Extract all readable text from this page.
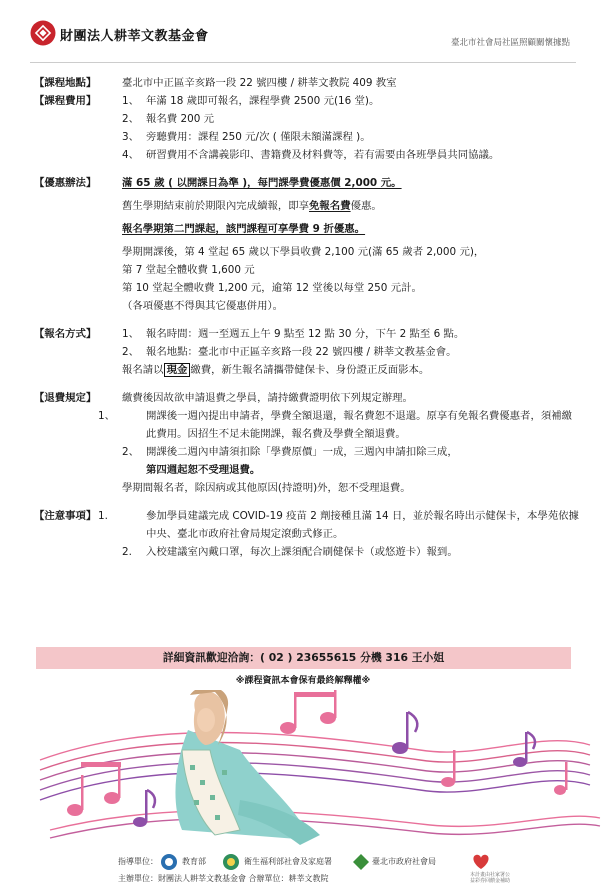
財團法人耕莘文教基金會	臺北市社會局社區照顧關懷據點
【課程地點】	臺北市中正區辛亥路一段 22 號四樓 / 耕莘文教院 409 教室
【課程費用】	1、 年滿 18 歲即可報名，課程學費 2500 元(16 堂)。
2、 報名費 200 元
3、 旁聽費用：課程 250 元/次 ( 僅限未額滿課程 )。
4、 研習費用不含講義影印、書籍費及材料費等，若有需要由各班學員共同協議。
【優惠辦法】	滿 65 歲 ( 以開課日為準 )，每門課學費優惠價 2,000 元。
舊生學期結束前於期限內完成續報，即享免報名費優惠。
報名學期第二門課起，該門課程可享學費 9 折優惠。
學期開課後，第 4 堂起 65 歲以下學員收費 2,100 元(滿 65 歲者 2,000 元)，
第 7 堂起全體收費 1,600 元
第 10 堂起全體收費 1,200 元，逾第 12 堂後以每堂 250 元計。
（各項優惠不得與其它優惠併用）。
【報名方式】	1、 報名時間：週一至週五上午 9 點至 12 點 30 分，下午 2 點至 6 點。
2、 報名地點：臺北市中正區辛亥路一段 22 號四樓 / 耕莘文教基金會。
報名請以 現金 繳費，新生報名請攜帶健保卡、身份證正反面影本。
【退費規定】	繳費後因故欲申請退費之學員，請持繳費證明依下列規定辦理。
1、	開課後一週內提出申請者，學費全額退還，報名費恕不退還。原享有免報名費優惠者，須補繳此費用。因招生不足未能開課，報名費及學費全額退費。
2、 開課後二週內申請須扣除「學費原價」一成，三週內申請扣除三成，
第四週起恕不受理退費。
學期間報名者，除因病或其他原因(持證明)外，恕不受理退費。
【注意事項】 1.	參加學員建議完成 COVID-19 疫苗 2 劑接種且滿 14 日，並於報名時出示健保卡，本學苑依據中央、臺北市政府社會局規定滾動式修正。
2. 入校建議室內戴口罩，每次上課須配合刷健保卡（或悠遊卡）報到。
詳細資訊歡迎洽詢：( 02 ) 23655615 分機 316 王小姐
※課程資訊本會保有最終解釋權※
指導單位：	教育部	衛生福利部社會及家庭署	臺北市政府社會局
本計畫由社家署公益彩券回饋金補助
主辦單位：財團法人耕莘文教基金會 合辦單位：耕莘文教院
